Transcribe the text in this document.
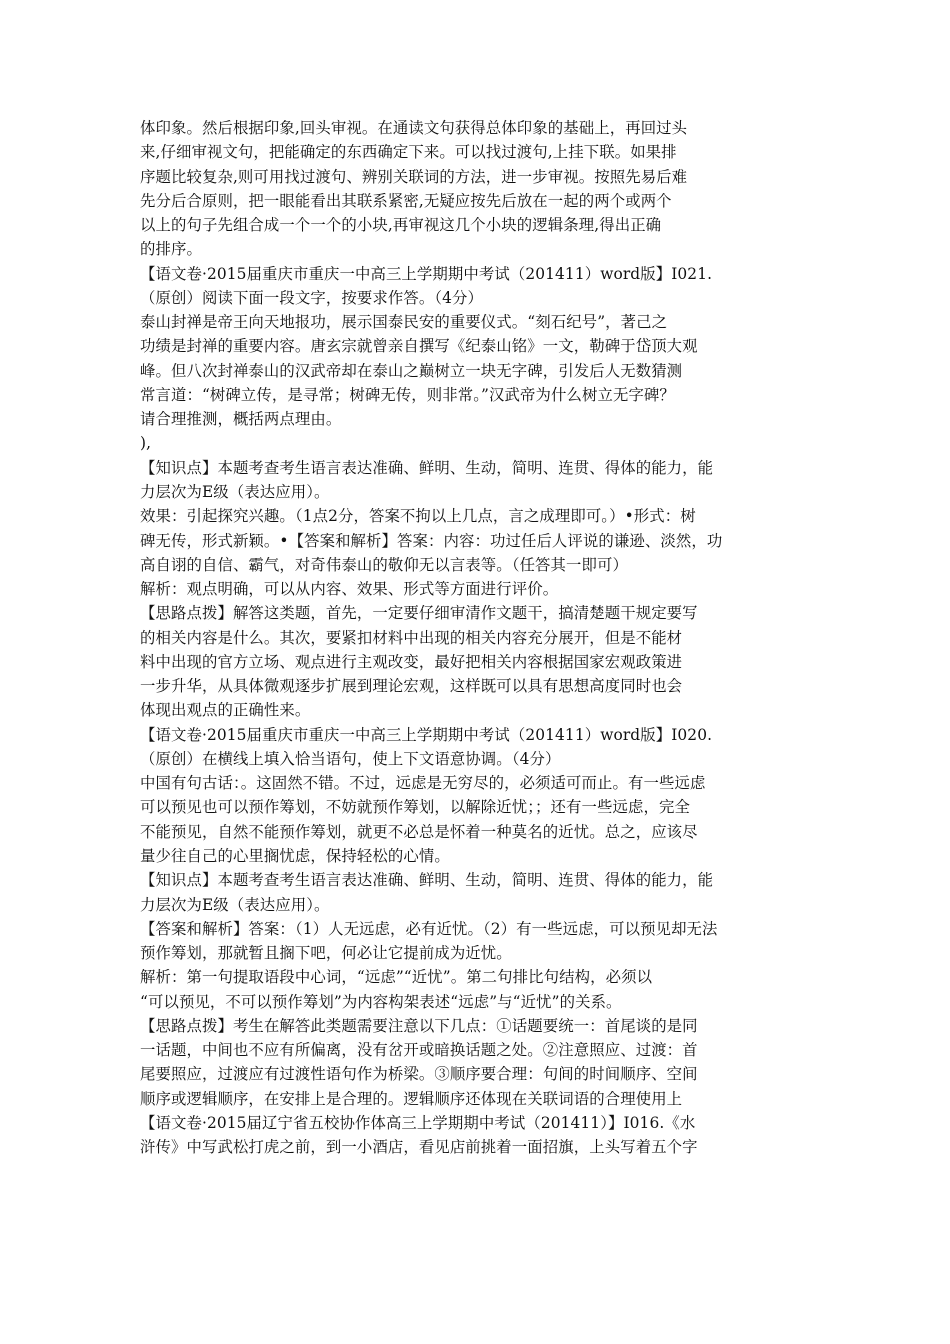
体印象。然后根据印象,回头审视。在通读文句获得总体印象的基础上，再回过头
来,仔细审视文句，把能确定的东西确定下来。可以找过渡句,上挂下联。如果排
序题比较复杂,则可用找过渡句、辨别关联词的方法，进一步审视。按照先易后难
先分后合原则，把一眼能看出其联系紧密,无疑应按先后放在一起的两个或两个
以上的句子先组合成一个一个的小块,再审视这几个小块的逻辑条理,得出正确
的排序。
【语文卷·2015届重庆市重庆一中高三上学期期中考试（201411）word版】I021.
（原创）阅读下面一段文字，按要求作答。（4分）
泰山封禅是帝王向天地报功，展示国泰民安的重要仪式。“刻石纪号”，著己之
功绩是封禅的重要内容。唐玄宗就曾亲自撰写《纪泰山铭》一文，勒碑于岱顶大观
峰。但八次封禅泰山的汉武帝却在泰山之巅树立一块无字碑，引发后人无数猜测
常言道：“树碑立传，是寻常；树碑无传，则非常。”汉武帝为什么树立无字碑？
请合理推测，概括两点理由。
),
【知识点】本题考查考生语言表达准确、鲜明、生动，简明、连贯、得体的能力，能
力层次为E级（表达应用）。
效果：引起探究兴趣。（1点2分，答案不拘以上几点，言之成理即可。）•形式：树
碑无传，形式新颖。•【答案和解析】答案：内容：功过任后人评说的谦逊、淡然，功
高自诩的自信、霸气，对奇伟泰山的敬仰无以言表等。（任答其一即可）
解析：观点明确，可以从内容、效果、形式等方面进行评价。
【思路点拨】解答这类题，首先，一定要仔细审清作文题干，搞清楚题干规定要写
的相关内容是什么。其次，要紧扣材料中出现的相关内容充分展开，但是不能材
料中出现的官方立场、观点进行主观改变，最好把相关内容根据国家宏观政策进
一步升华，从具体微观逐步扩展到理论宏观，这样既可以具有思想高度同时也会
体现出观点的正确性来。
【语文卷·2015届重庆市重庆一中高三上学期期中考试（201411）word版】I020.
（原创）在横线上填入恰当语句，使上下文语意协调。（4分）
中国有句古话：。这固然不错。不过，远虑是无穷尽的，必须适可而止。有一些远虑
可以预见也可以预作筹划，不妨就预作筹划，以解除近忧；；还有一些远虑，完全
不能预见，自然不能预作筹划，就更不必总是怀着一种莫名的近忧。总之，应该尽
量少往自己的心里搁忧虑，保持轻松的心情。
【知识点】本题考查考生语言表达准确、鲜明、生动，简明、连贯、得体的能力，能
力层次为E级（表达应用）。
【答案和解析】答案：（1）人无远虑，必有近忧。（2）有一些远虑，可以预见却无法
预作筹划，那就暂且搁下吧，何必让它提前成为近忧。
解析：第一句提取语段中心词，“远虑”“近忧”。第二句排比句结构，必须以
“可以预见，不可以预作筹划”为内容构架表述“远虑”与“近忧”的关系。
【思路点拨】考生在解答此类题需要注意以下几点：①话题要统一：首尾谈的是同
一话题，中间也不应有所偏离，没有岔开或暗换话题之处。②注意照应、过渡：首
尾要照应，过渡应有过渡性语句作为桥梁。③顺序要合理：句间的时间顺序、空间
顺序或逻辑顺序，在安排上是合理的。逻辑顺序还体现在关联词语的合理使用上
【语文卷·2015届辽宁省五校协作体高三上学期期中考试（201411）】I016.《水
浒传》中写武松打虎之前，到一小酒店，看见店前挑着一面招旗，上头写着五个字
